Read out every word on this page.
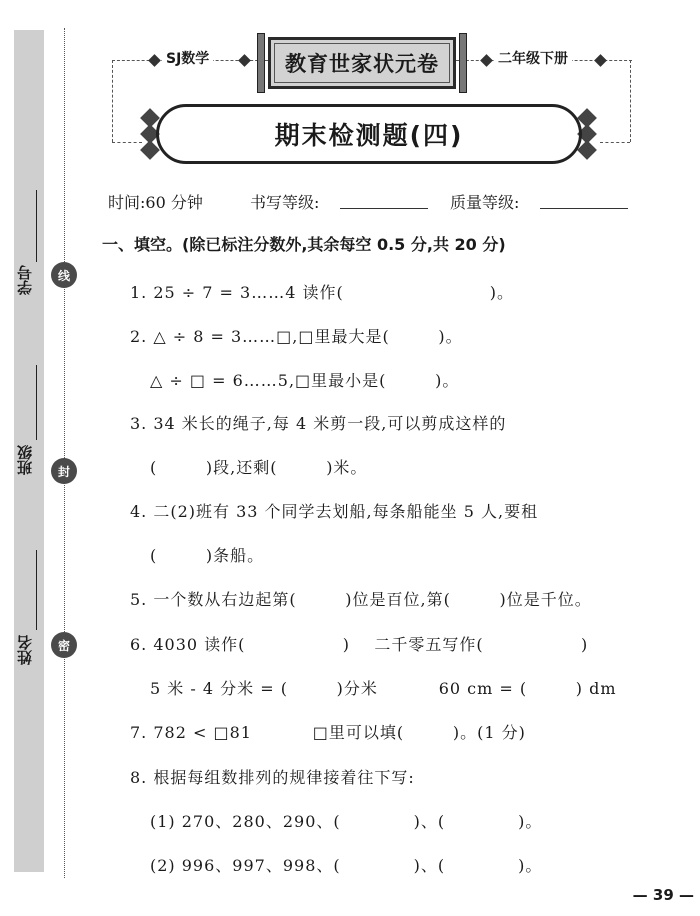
学号
班级
姓名
线
封
密
SJ数学	二年级下册
教育世家状元卷
期末检测题(四)
时间:60 分钟	书写等级:	质量等级:
一、填空。(除已标注分数外,其余每空 0.5 分,共 20 分)
1. 25 ÷ 7 = 3……4 读作(                        )。
2. △ ÷ 8 = 3……□,□里最大是(        )。
△ ÷ □ = 6……5,□里最小是(        )。
3. 34 米长的绳子,每 4 米剪一段,可以剪成这样的
(        )段,还剩(        )米。
4. 二(2)班有 33 个同学去划船,每条船能坐 5 人,要租
(        )条船。
5. 一个数从右边起第(        )位是百位,第(        )位是千位。
6. 4030 读作(                )    二千零五写作(                )
5 米 - 4 分米 = (        )分米          60 cm = (        ) dm
7. 782 < □81          □里可以填(        )。(1 分)
8. 根据每组数排列的规律接着往下写:
(1) 270、280、290、(            )、(            )。
(2) 996、997、998、(            )、(            )。
— 39 —
